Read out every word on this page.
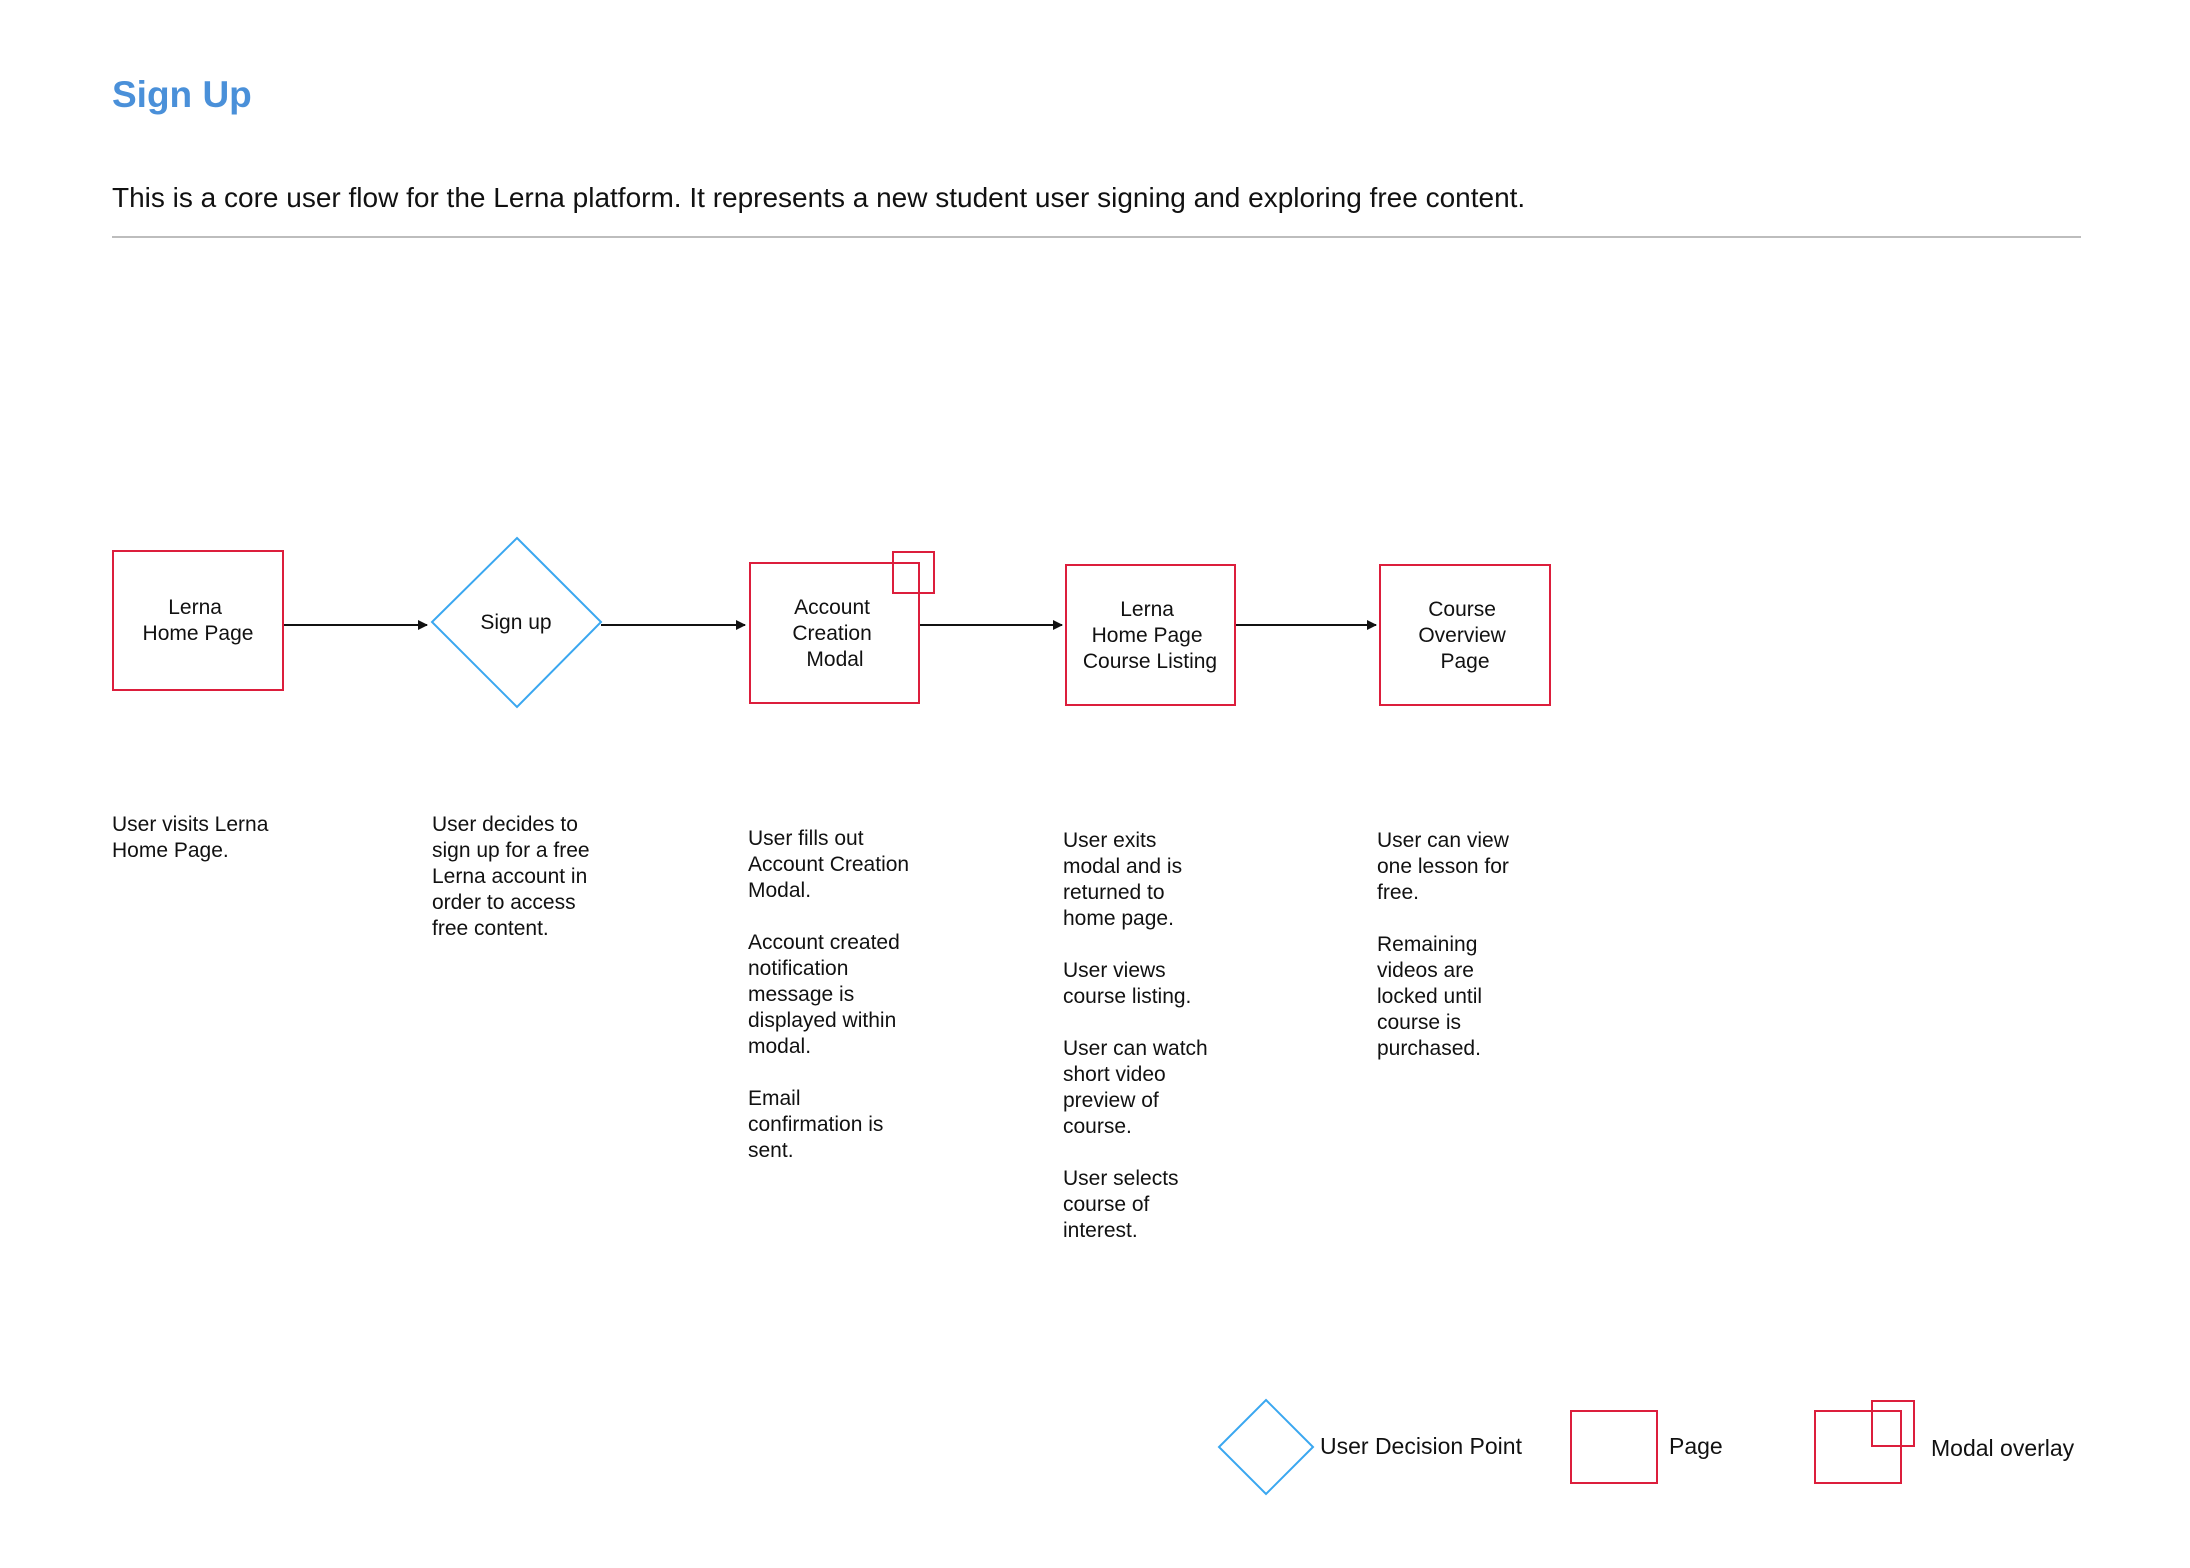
Sign Up
This is a core user flow for the Lerna platform. It represents a new student user signing and exploring free content.
Lerna Home Page	Sign up
Account Creation Modal
Lerna Home Page Course Listing
Course Overview Page
User Decision Point	Page	Modal overlay
User visits Lerna
Home Page.
User decides to
sign up for a free
Lerna account in
order to access
free content.
User fills out
Account Creation
Modal.

Account created
notification
message is
displayed within
modal.

Email
confirmation is
sent.
User exits
modal and is
returned to
home page.

User views
course listing.

User can watch
short video
preview of
course.

User selects
course of
interest.
User can view
one lesson for
free.

Remaining
videos are
locked until
course is
purchased.
